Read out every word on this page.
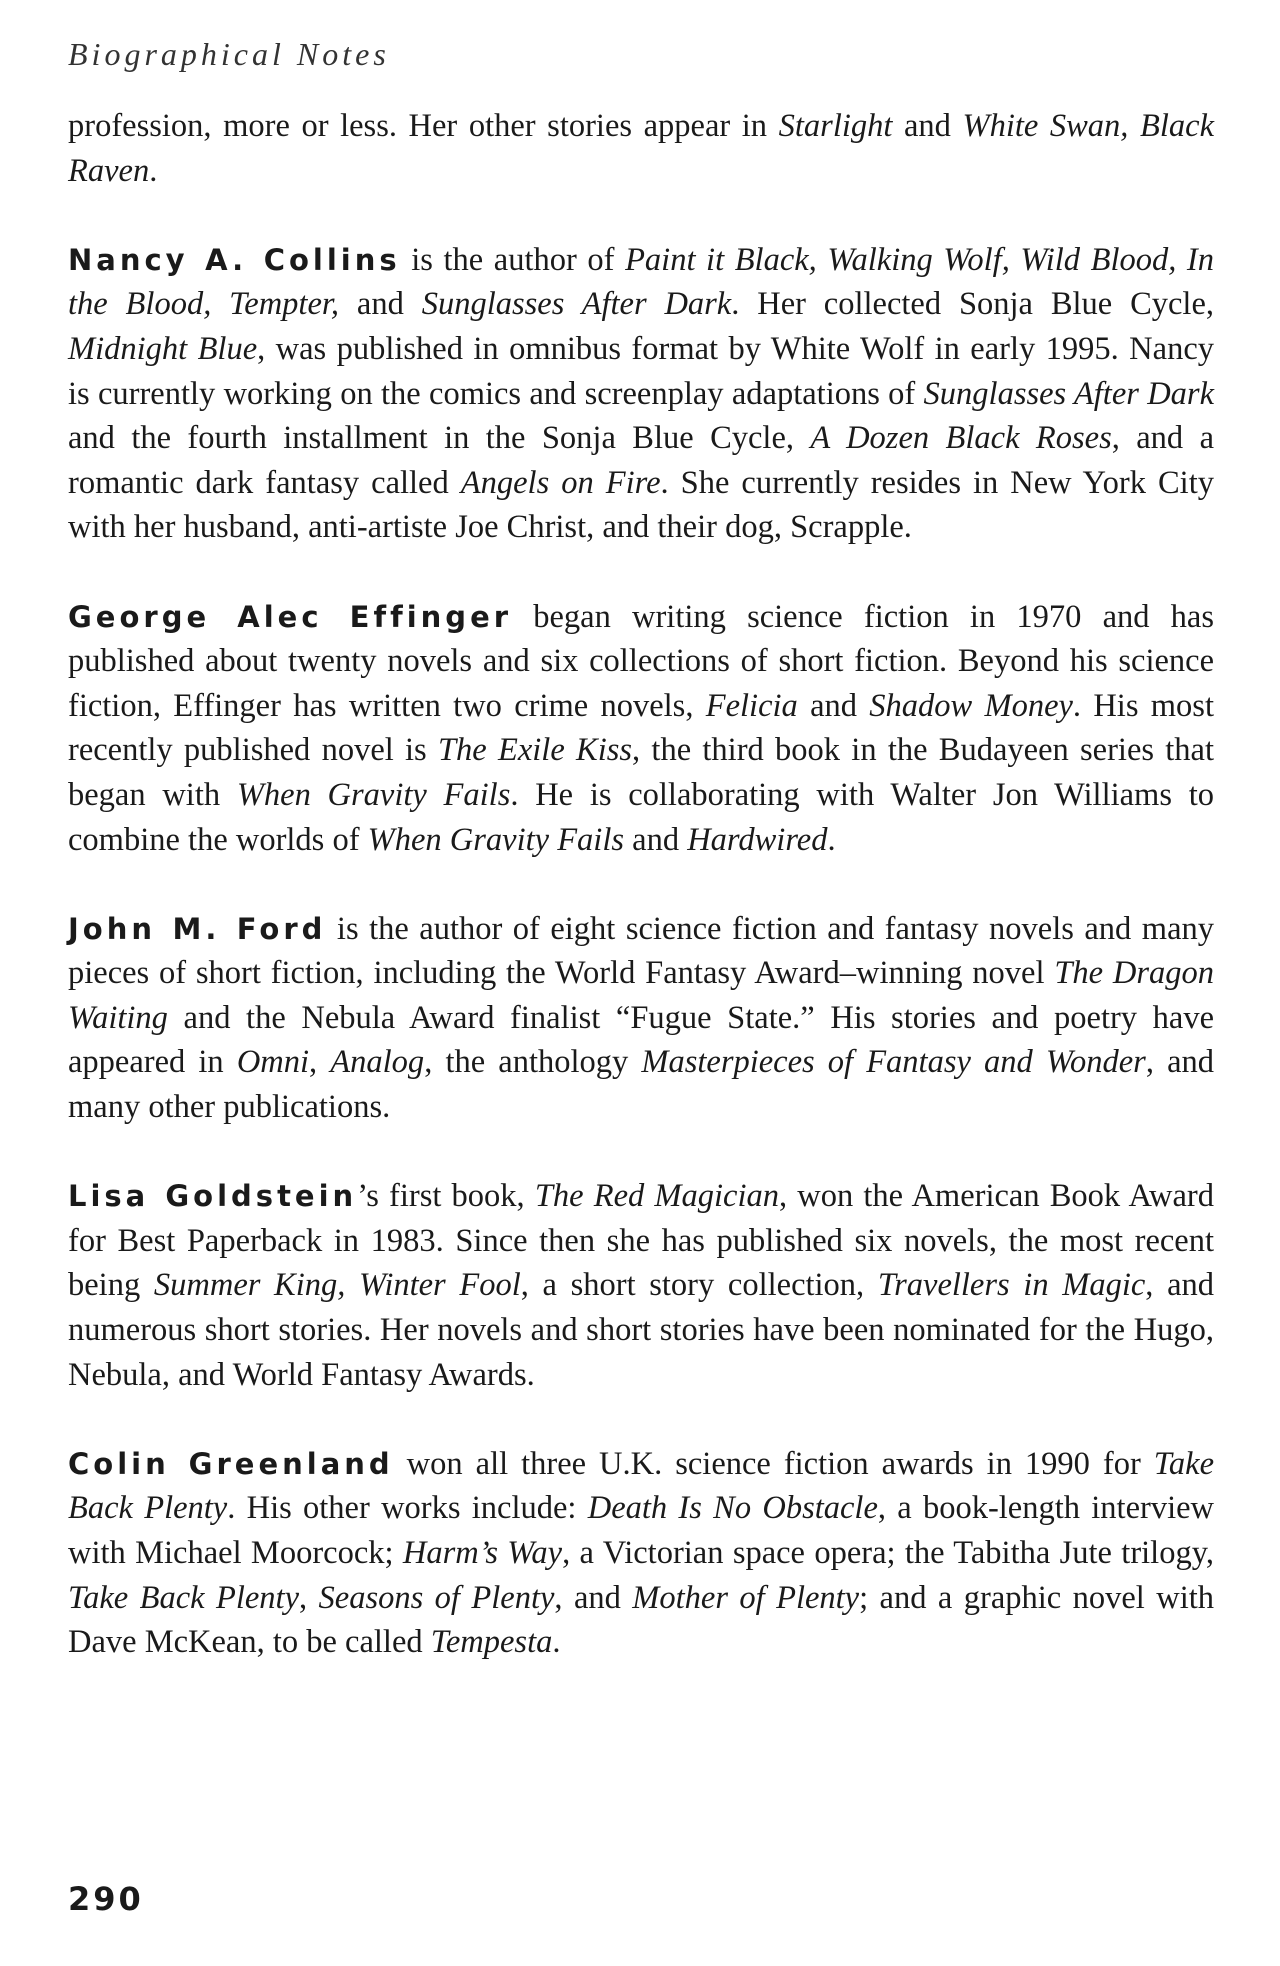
Biographical Notes

profession, more or less. Her other stories appear in Starlight and White Swan, Black Raven.

Nancy A. Collins is the author of Paint it Black, Walking Wolf, Wild Blood, In the Blood, Tempter, and Sunglasses After Dark. Her collected Sonja Blue Cycle, Midnight Blue, was published in omnibus format by White Wolf in early 1995. Nancy is currently working on the comics and screenplay adaptations of Sunglasses After Dark and the fourth installment in the Sonja Blue Cycle, A Dozen Black Roses, and a romantic dark fantasy called Angels on Fire. She currently resides in New York City with her husband, anti-artiste Joe Christ, and their dog, Scrapple.

George Alec Effinger began writing science fiction in 1970 and has published about twenty novels and six collections of short fiction. Beyond his science fiction, Effinger has written two crime novels, Felicia and Shadow Money. His most recently published novel is The Exile Kiss, the third book in the Budayeen series that began with When Gravity Fails. He is collaborating with Walter Jon Williams to combine the worlds of When Gravity Fails and Hardwired.

John M. Ford is the author of eight science fiction and fantasy novels and many pieces of short fiction, including the World Fantasy Award–winning novel The Dragon Waiting and the Nebula Award finalist “Fugue State.” His stories and poetry have appeared in Omni, Analog, the anthology Masterpieces of Fantasy and Wonder, and many other publications.

Lisa Goldstein’s first book, The Red Magician, won the American Book Award for Best Paperback in 1983. Since then she has published six novels, the most recent being Summer King, Winter Fool, a short story collection, Travellers in Magic, and numerous short stories. Her novels and short stories have been nominated for the Hugo, Nebula, and World Fantasy Awards.

Colin Greenland won all three U.K. science fiction awards in 1990 for Take Back Plenty. His other works include: Death Is No Obstacle, a book-length interview with Michael Moorcock; Harm’s Way, a Victorian space opera; the Tabitha Jute trilogy, Take Back Plenty, Seasons of Plenty, and Mother of Plenty; and a graphic novel with Dave McKean, to be called Tempesta.

290
